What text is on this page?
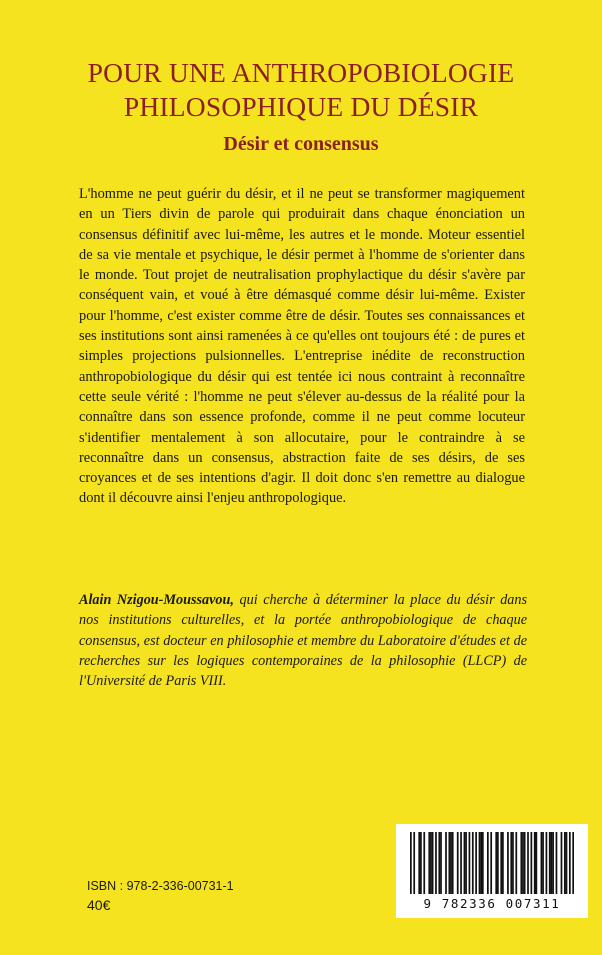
POUR UNE ANTHROPOBIOLOGIE
PHILOSOPHIQUE DU DÉSIR
Désir et consensus

L'homme ne peut guérir du désir, et il ne peut se transformer magiquement en un Tiers divin de parole qui produirait dans chaque énonciation un consensus définitif avec lui-même, les autres et le monde. Moteur essentiel de sa vie mentale et psychique, le désir permet à l'homme de s'orienter dans le monde. Tout projet de neutralisation prophylactique du désir s'avère par conséquent vain, et voué à être démasqué comme désir lui-même. Exister pour l'homme, c'est exister comme être de désir. Toutes ses connaissances et ses institutions sont ainsi ramenées à ce qu'elles ont toujours été : de pures et simples projections pulsionnelles. L'entreprise inédite de reconstruction anthropobiologique du désir qui est tentée ici nous contraint à reconnaître cette seule vérité : l'homme ne peut s'élever au-dessus de la réalité pour la connaître dans son essence profonde, comme il ne peut comme locuteur s'identifier mentalement à son allocutaire, pour le contraindre à se reconnaître dans un consensus, abstraction faite de ses désirs, de ses croyances et de ses intentions d'agir. Il doit donc s'en remettre au dialogue dont il découvre ainsi l'enjeu anthropologique.

Alain Nzigou-Moussavou, qui cherche à déterminer la place du désir dans nos institutions culturelles, et la portée anthropobiologique de chaque consensus, est docteur en philosophie et membre du Laboratoire d'études et de recherches sur les logiques contemporaines de la philosophie (LLCP) de l'Université de Paris VIII.

ISBN : 978-2-336-00731-1
40€	9 782336 007311
